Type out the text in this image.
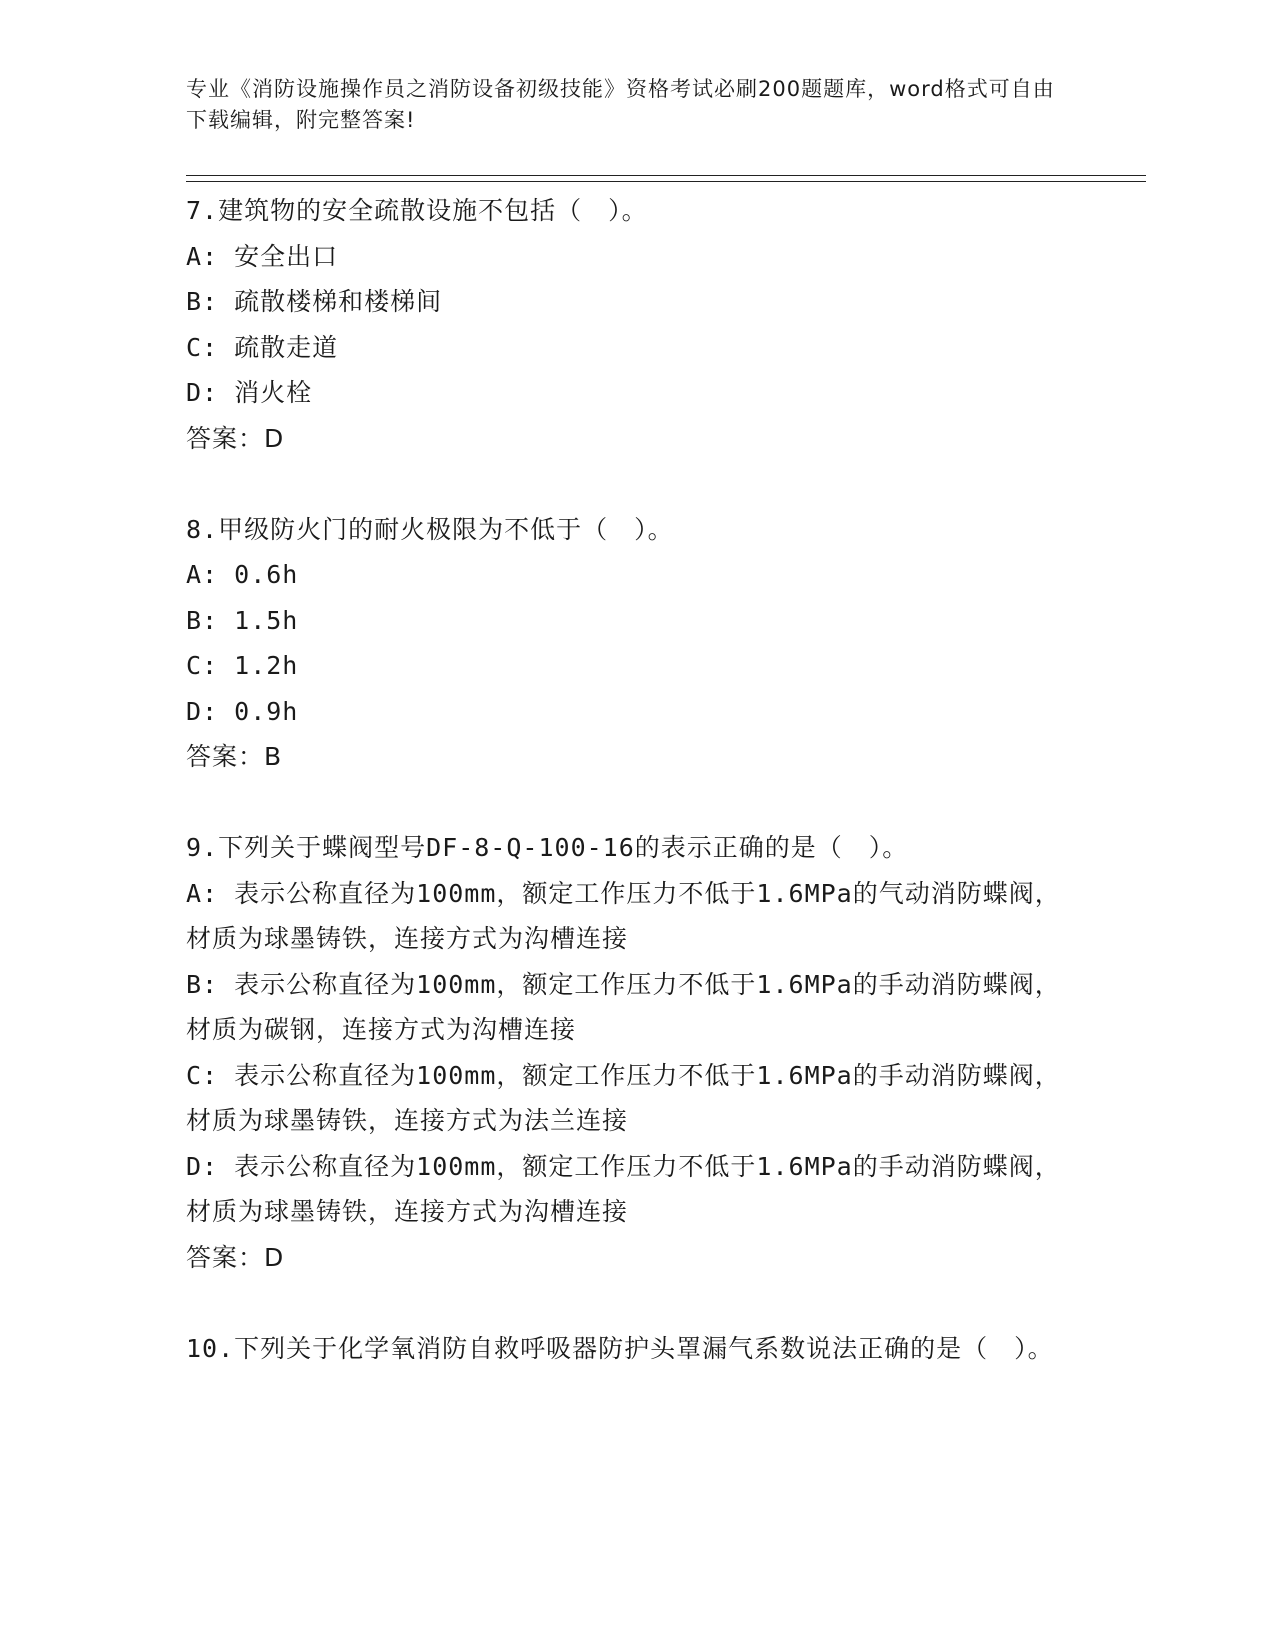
专业《消防设施操作员之消防设备初级技能》资格考试必刷200题题库，word格式可自由下载编辑，附完整答案!
7.建筑物的安全疏散设施不包括（　）。
A: 安全出口
B: 疏散楼梯和楼梯间
C: 疏散走道
D: 消火栓
答案：D
8.甲级防火门的耐火极限为不低于（　）。
A: 0.6h
B: 1.5h
C: 1.2h
D: 0.9h
答案：B
9.下列关于蝶阀型号DF-8-Q-100-16的表示正确的是（　）。
A: 表示公称直径为100mm，额定工作压力不低于1.6MPa的气动消防蝶阀，材质为球墨铸铁，连接方式为沟槽连接
B: 表示公称直径为100mm，额定工作压力不低于1.6MPa的手动消防蝶阀，材质为碳钢，连接方式为沟槽连接
C: 表示公称直径为100mm，额定工作压力不低于1.6MPa的手动消防蝶阀，材质为球墨铸铁，连接方式为法兰连接
D: 表示公称直径为100mm，额定工作压力不低于1.6MPa的手动消防蝶阀，材质为球墨铸铁，连接方式为沟槽连接
答案：D
10.下列关于化学氧消防自救呼吸器防护头罩漏气系数说法正确的是（　）。
